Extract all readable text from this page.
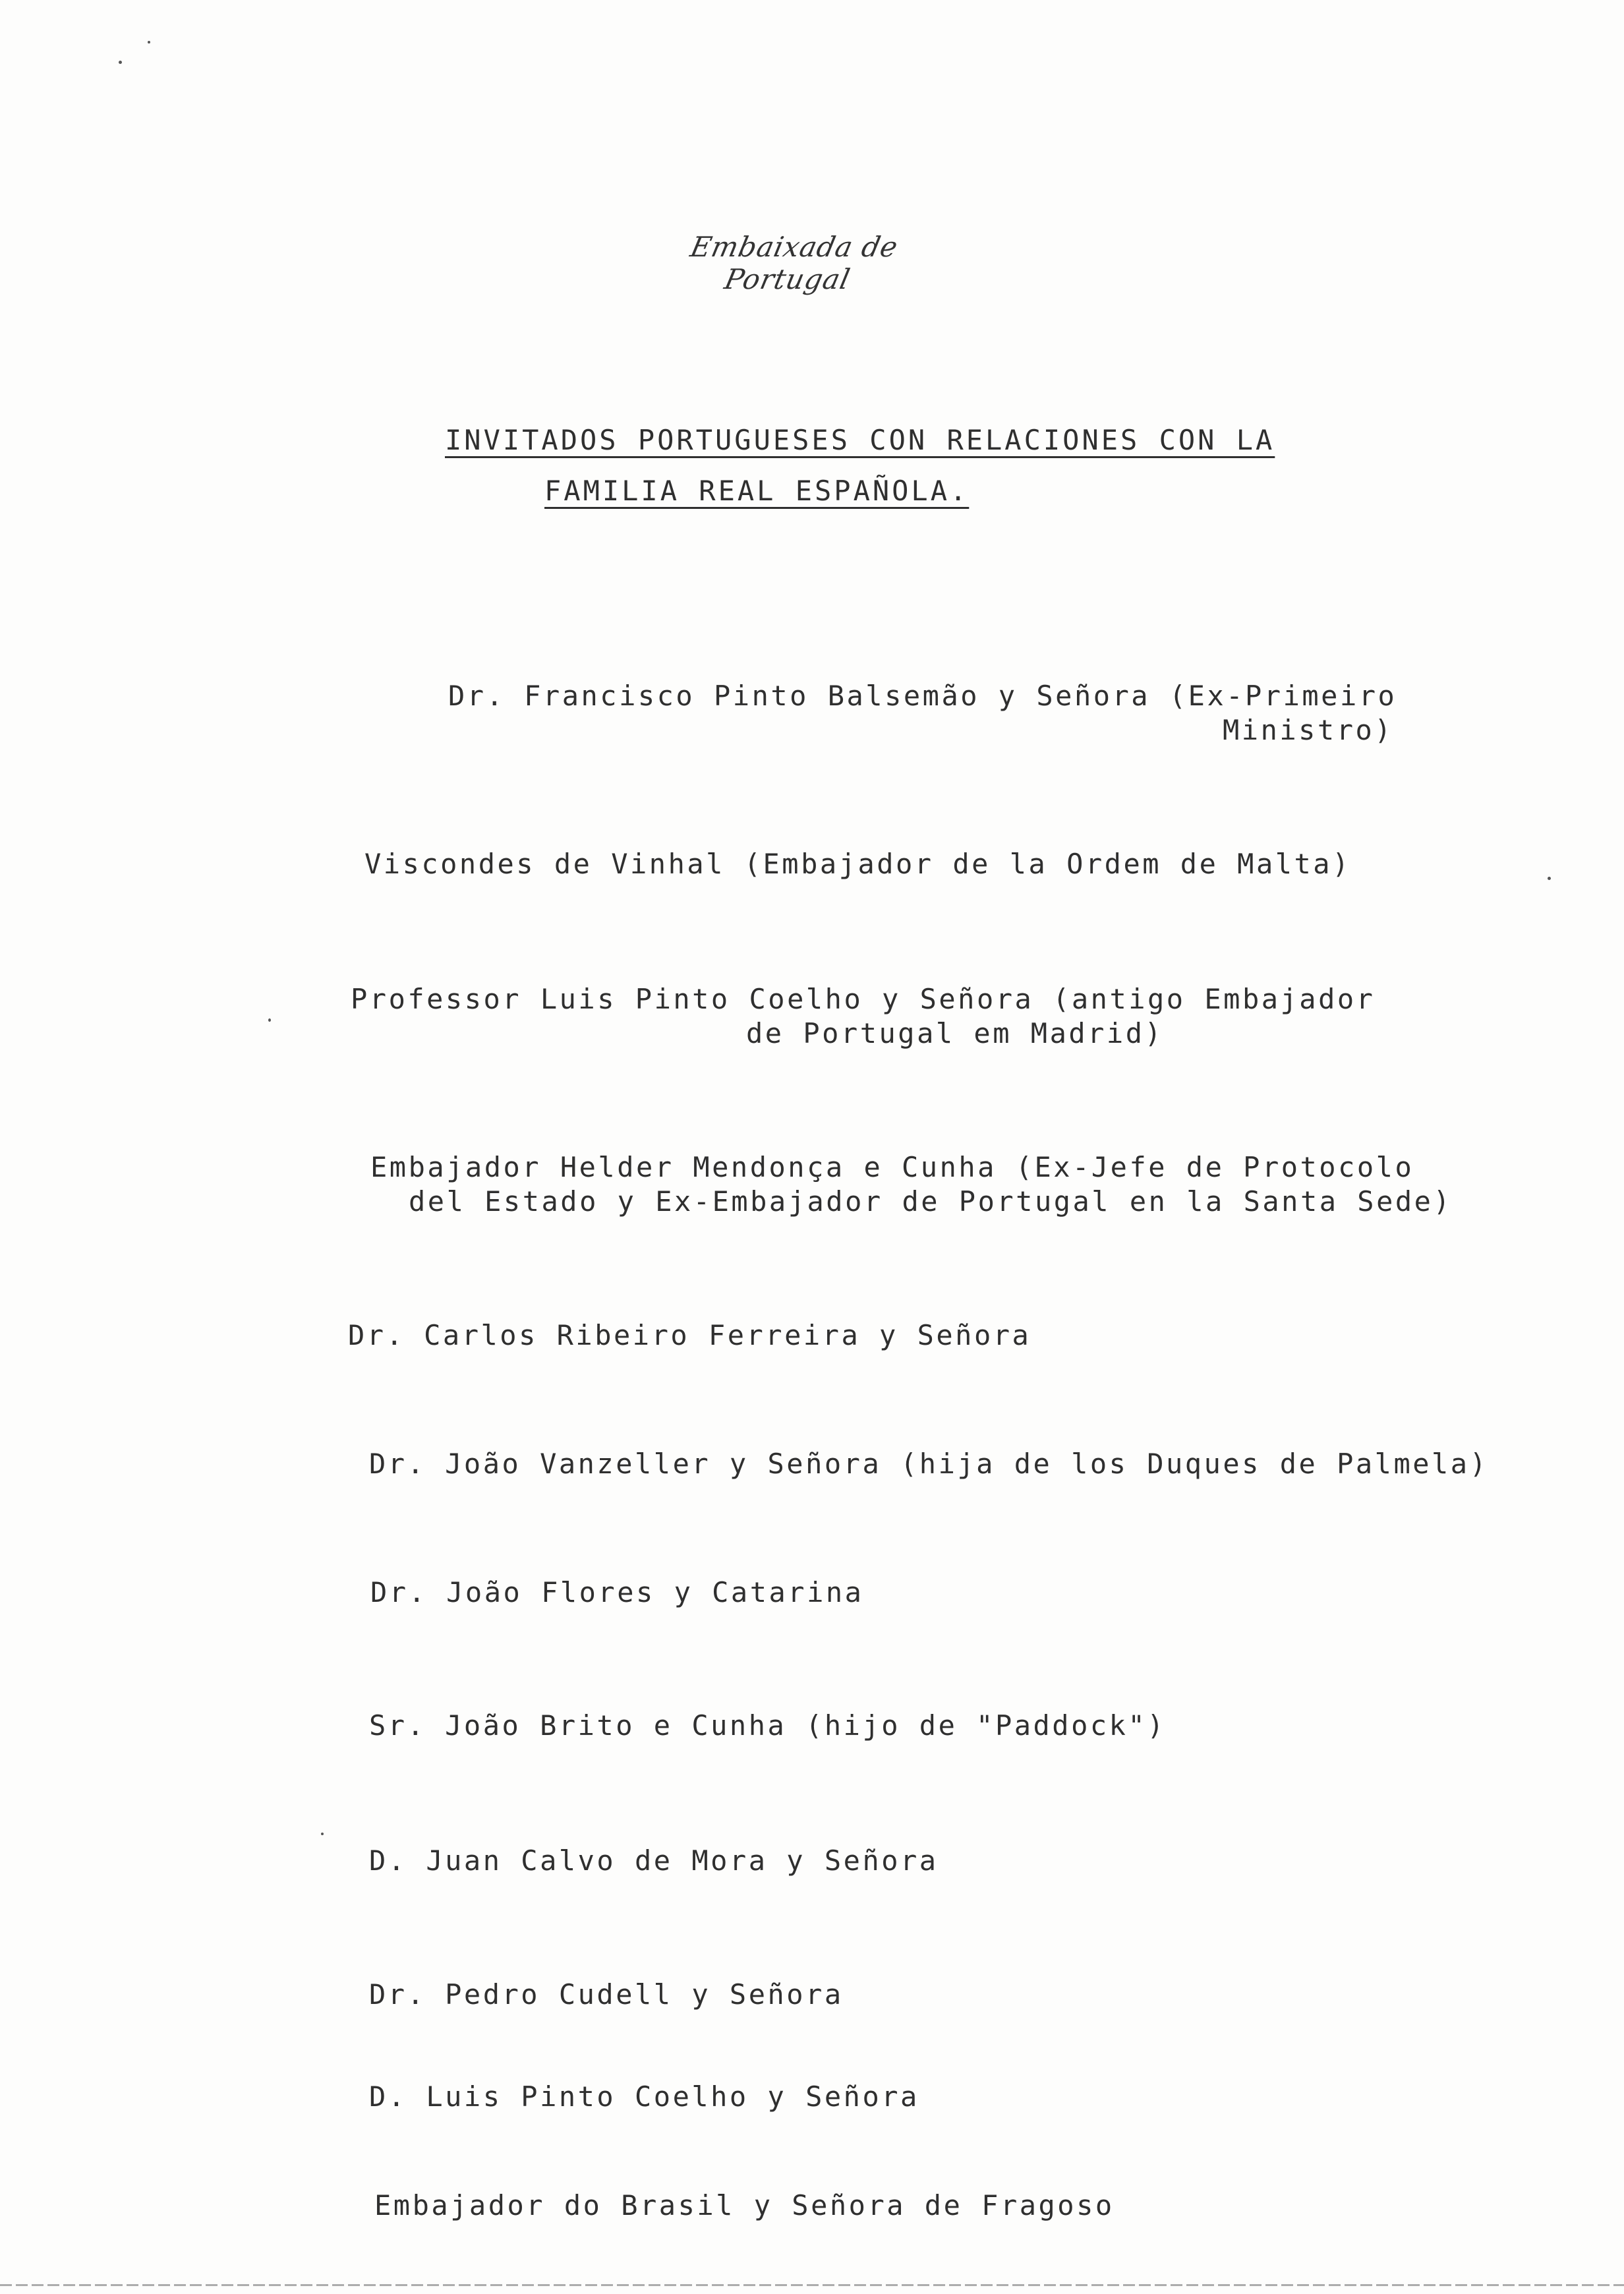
Embaixada de Portugal
INVITADOS PORTUGUESES CON RELACIONES CON LA
FAMILIA REAL ESPAÑOLA.
Dr. Francisco Pinto Balsemão y Señora (Ex-Primeiro
Ministro)
Viscondes de Vinhal (Embajador de la Ordem de Malta)
Professor Luis Pinto Coelho y Señora (antigo Embajador
de Portugal em Madrid)
Embajador Helder Mendonça e Cunha (Ex-Jefe de Protocolo
del Estado y Ex-Embajador de Portugal en la Santa Sede)
Dr. Carlos Ribeiro Ferreira y Señora
Dr. João Vanzeller y Señora (hija de los Duques de Palmela)
Dr. João Flores y Catarina
Sr. João Brito e Cunha (hijo de "Paddock")
D. Juan Calvo de Mora y Señora
Dr. Pedro Cudell y Señora
D. Luis Pinto Coelho y Señora
Embajador do Brasil y Señora de Fragoso
